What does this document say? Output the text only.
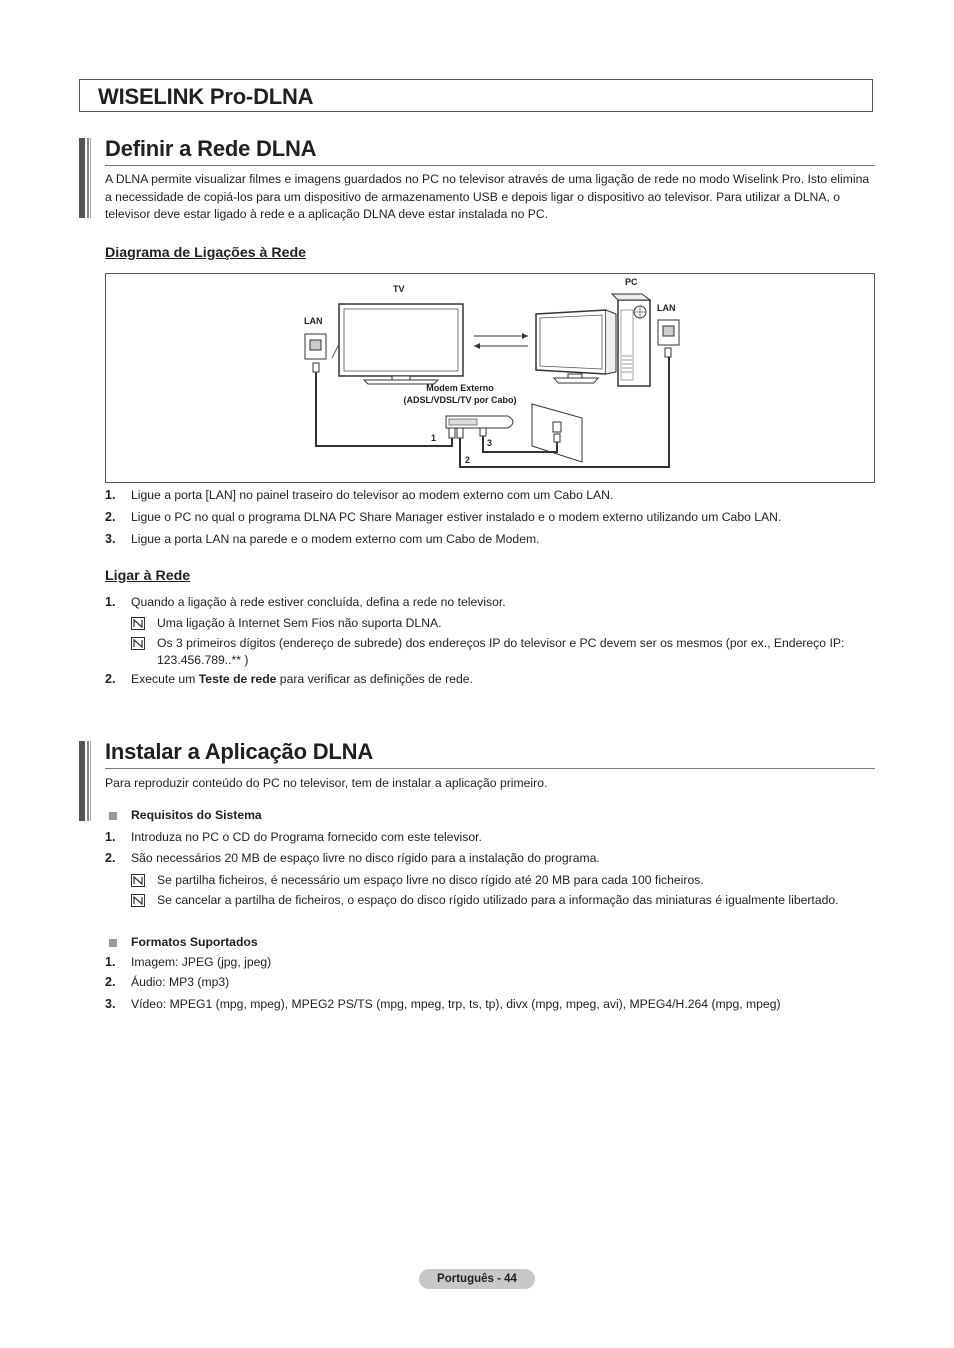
WISELINK Pro-DLNA
Definir a Rede DLNA

A DLNA permite visualizar filmes e imagens guardados no PC no televisor através de uma ligação de rede no modo Wiselink Pro. Isto elimina a necessidade de copiá-los para um dispositivo de armazenamento USB e depois ligar o dispositivo ao televisor. Para utilizar a DLNA, o televisor deve estar ligado à rede e a aplicação DLNA deve estar instalada no PC.

Diagrama de Ligações à Rede
TV
PC
LAN
LAN
Modem Externo
(ADSL/VDSL/TV por Cabo)
1	3
2
1. Ligue a porta [LAN] no painel traseiro do televisor ao modem externo com um Cabo LAN.
2. Ligue o PC no qual o programa DLNA PC Share Manager estiver instalado e o modem externo utilizando um Cabo LAN.
3. Ligue a porta LAN na parede e o modem externo com um Cabo de Modem.
Ligar à Rede
1. Quando a ligação à rede estiver concluída, defina a rede no televisor.
Uma ligação à Internet Sem Fios não suporta DLNA.
Os 3 primeiros dígitos (endereço de subrede) dos endereços IP do televisor e PC devem ser os mesmos (por ex., Endereço IP: 123.456.789..** )
2. Execute um Teste de rede para verificar as definições de rede.
Instalar a Aplicação DLNA

Para reproduzir conteúdo do PC no televisor, tem de instalar a aplicação primeiro.

Requisitos do Sistema
1. Introduza no PC o CD do Programa fornecido com este televisor.
2. São necessários 20 MB de espaço livre no disco rígido para a instalação do programa.
Se partilha ficheiros, é necessário um espaço livre no disco rígido até 20 MB para cada 100 ficheiros.
Se cancelar a partilha de ficheiros, o espaço do disco rígido utilizado para a informação das miniaturas é igualmente libertado.
Formatos Suportados
1. Imagem: JPEG (jpg, jpeg)
2. Áudio: MP3 (mp3)
3. Vídeo: MPEG1 (mpg, mpeg), MPEG2 PS/TS (mpg, mpeg, trp, ts, tp), divx (mpg, mpeg, avi), MPEG4/H.264 (mpg, mpeg)
Português - 44
